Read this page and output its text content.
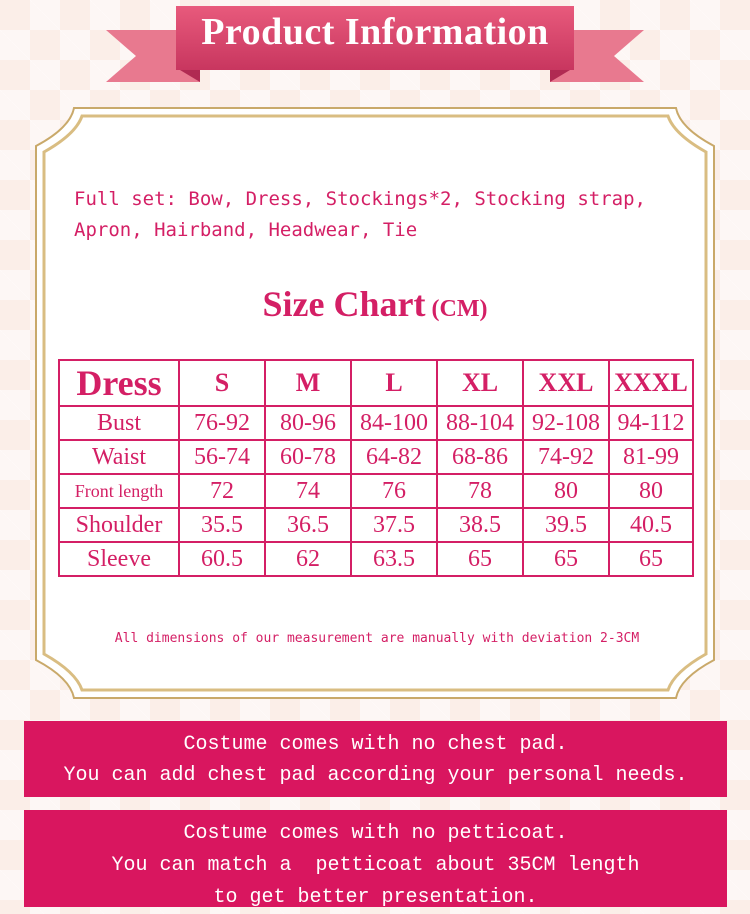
Product Information
Full set: Bow, Dress, Stockings*2, Stocking strap,
Apron, Hairband, Headwear, Tie
Size Chart (CM)
Dress	S	M	L	XL	XXL	XXXL
Bust	76-92	80-96	84-100	88-104	92-108	94-112
Waist	56-74	60-78	64-82	68-86	74-92	81-99
Front length	72	74	76	78	80	80
Shoulder	35.5	36.5	37.5	38.5	39.5	40.5
Sleeve	60.5	62	63.5	65	65	65
All dimensions of our measurement are manually with deviation 2-3CM
Costume comes with no chest pad.
You can add chest pad according your personal needs.
Costume comes with no petticoat.
You can match a  petticoat about 35CM length
to get better presentation.
